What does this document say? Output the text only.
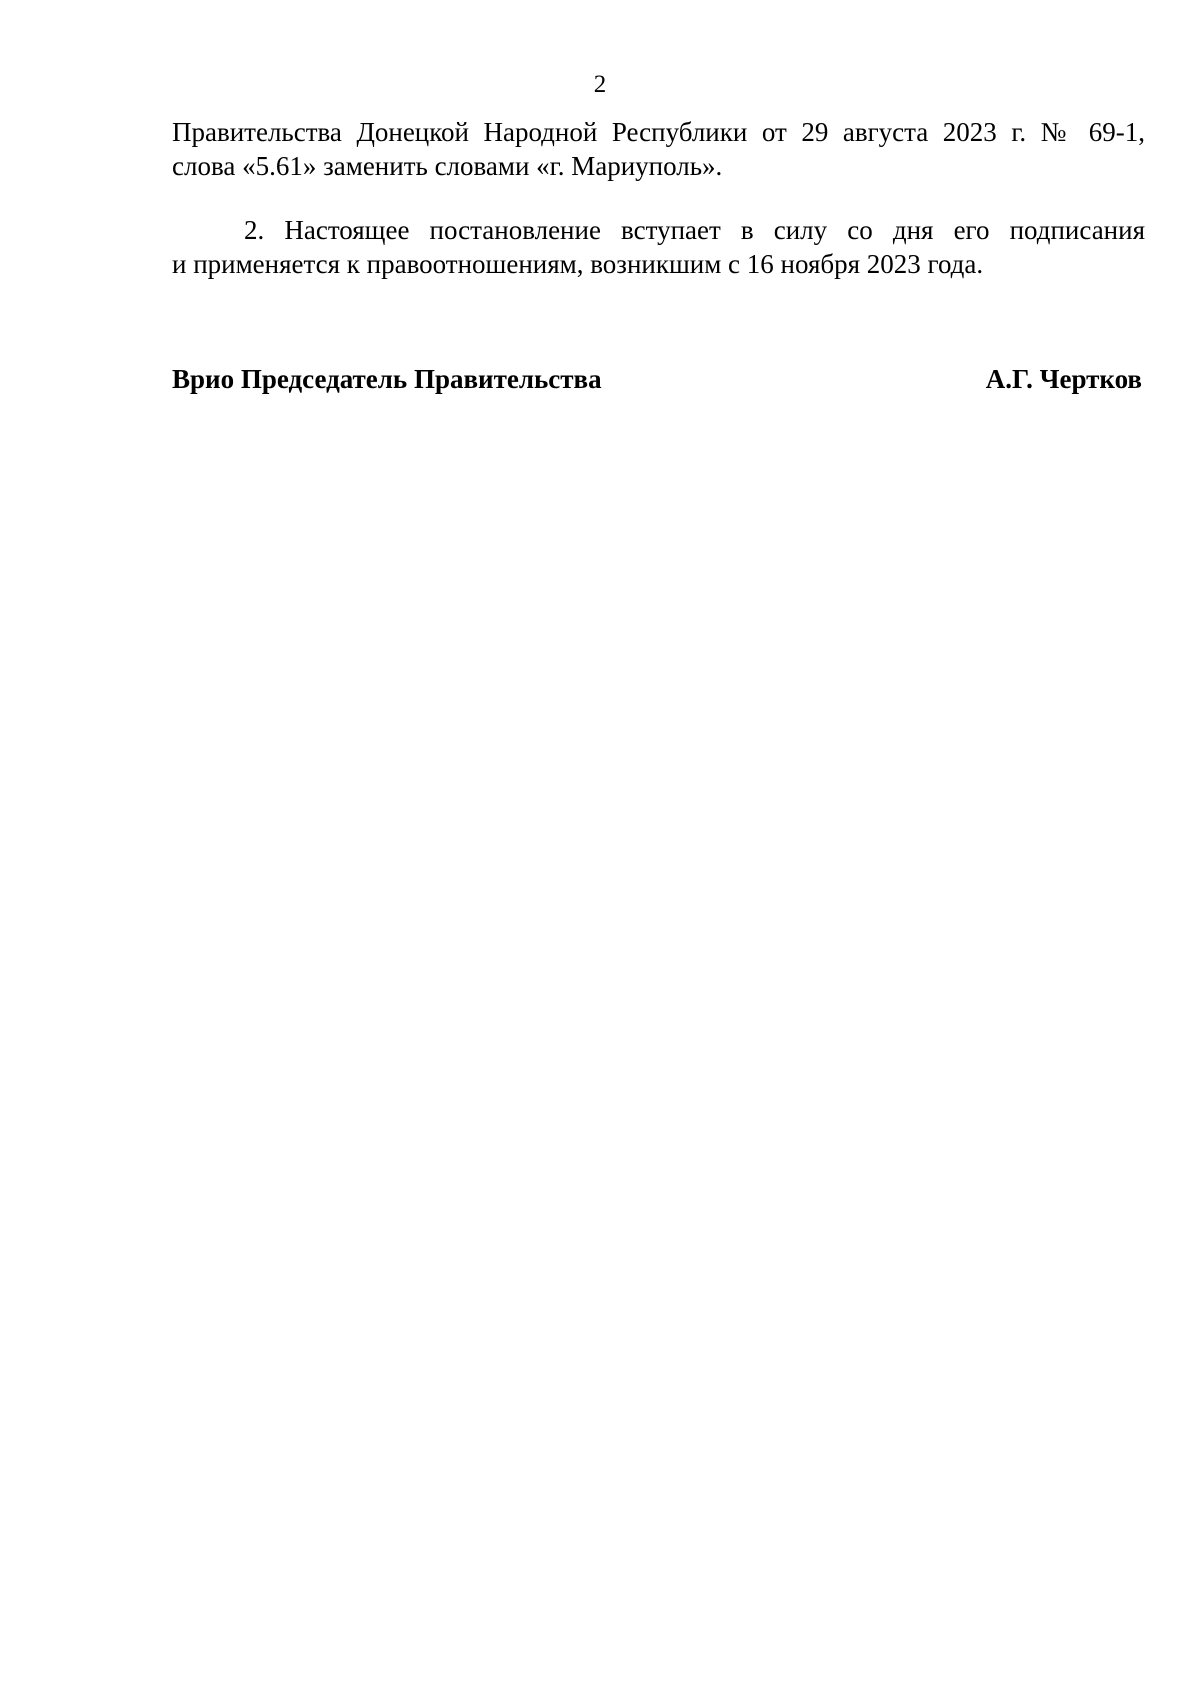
2
Правительства Донецкой Народной Республики от 29 августа 2023 г. № 69-1,
слова «5.61» заменить словами «г. Мариуполь».
2. Настоящее постановление вступает в силу со дня его подписания
и применяется к правоотношениям, возникшим с 16 ноября 2023 года.
Врио Председатель Правительства	А.Г. Чертков
